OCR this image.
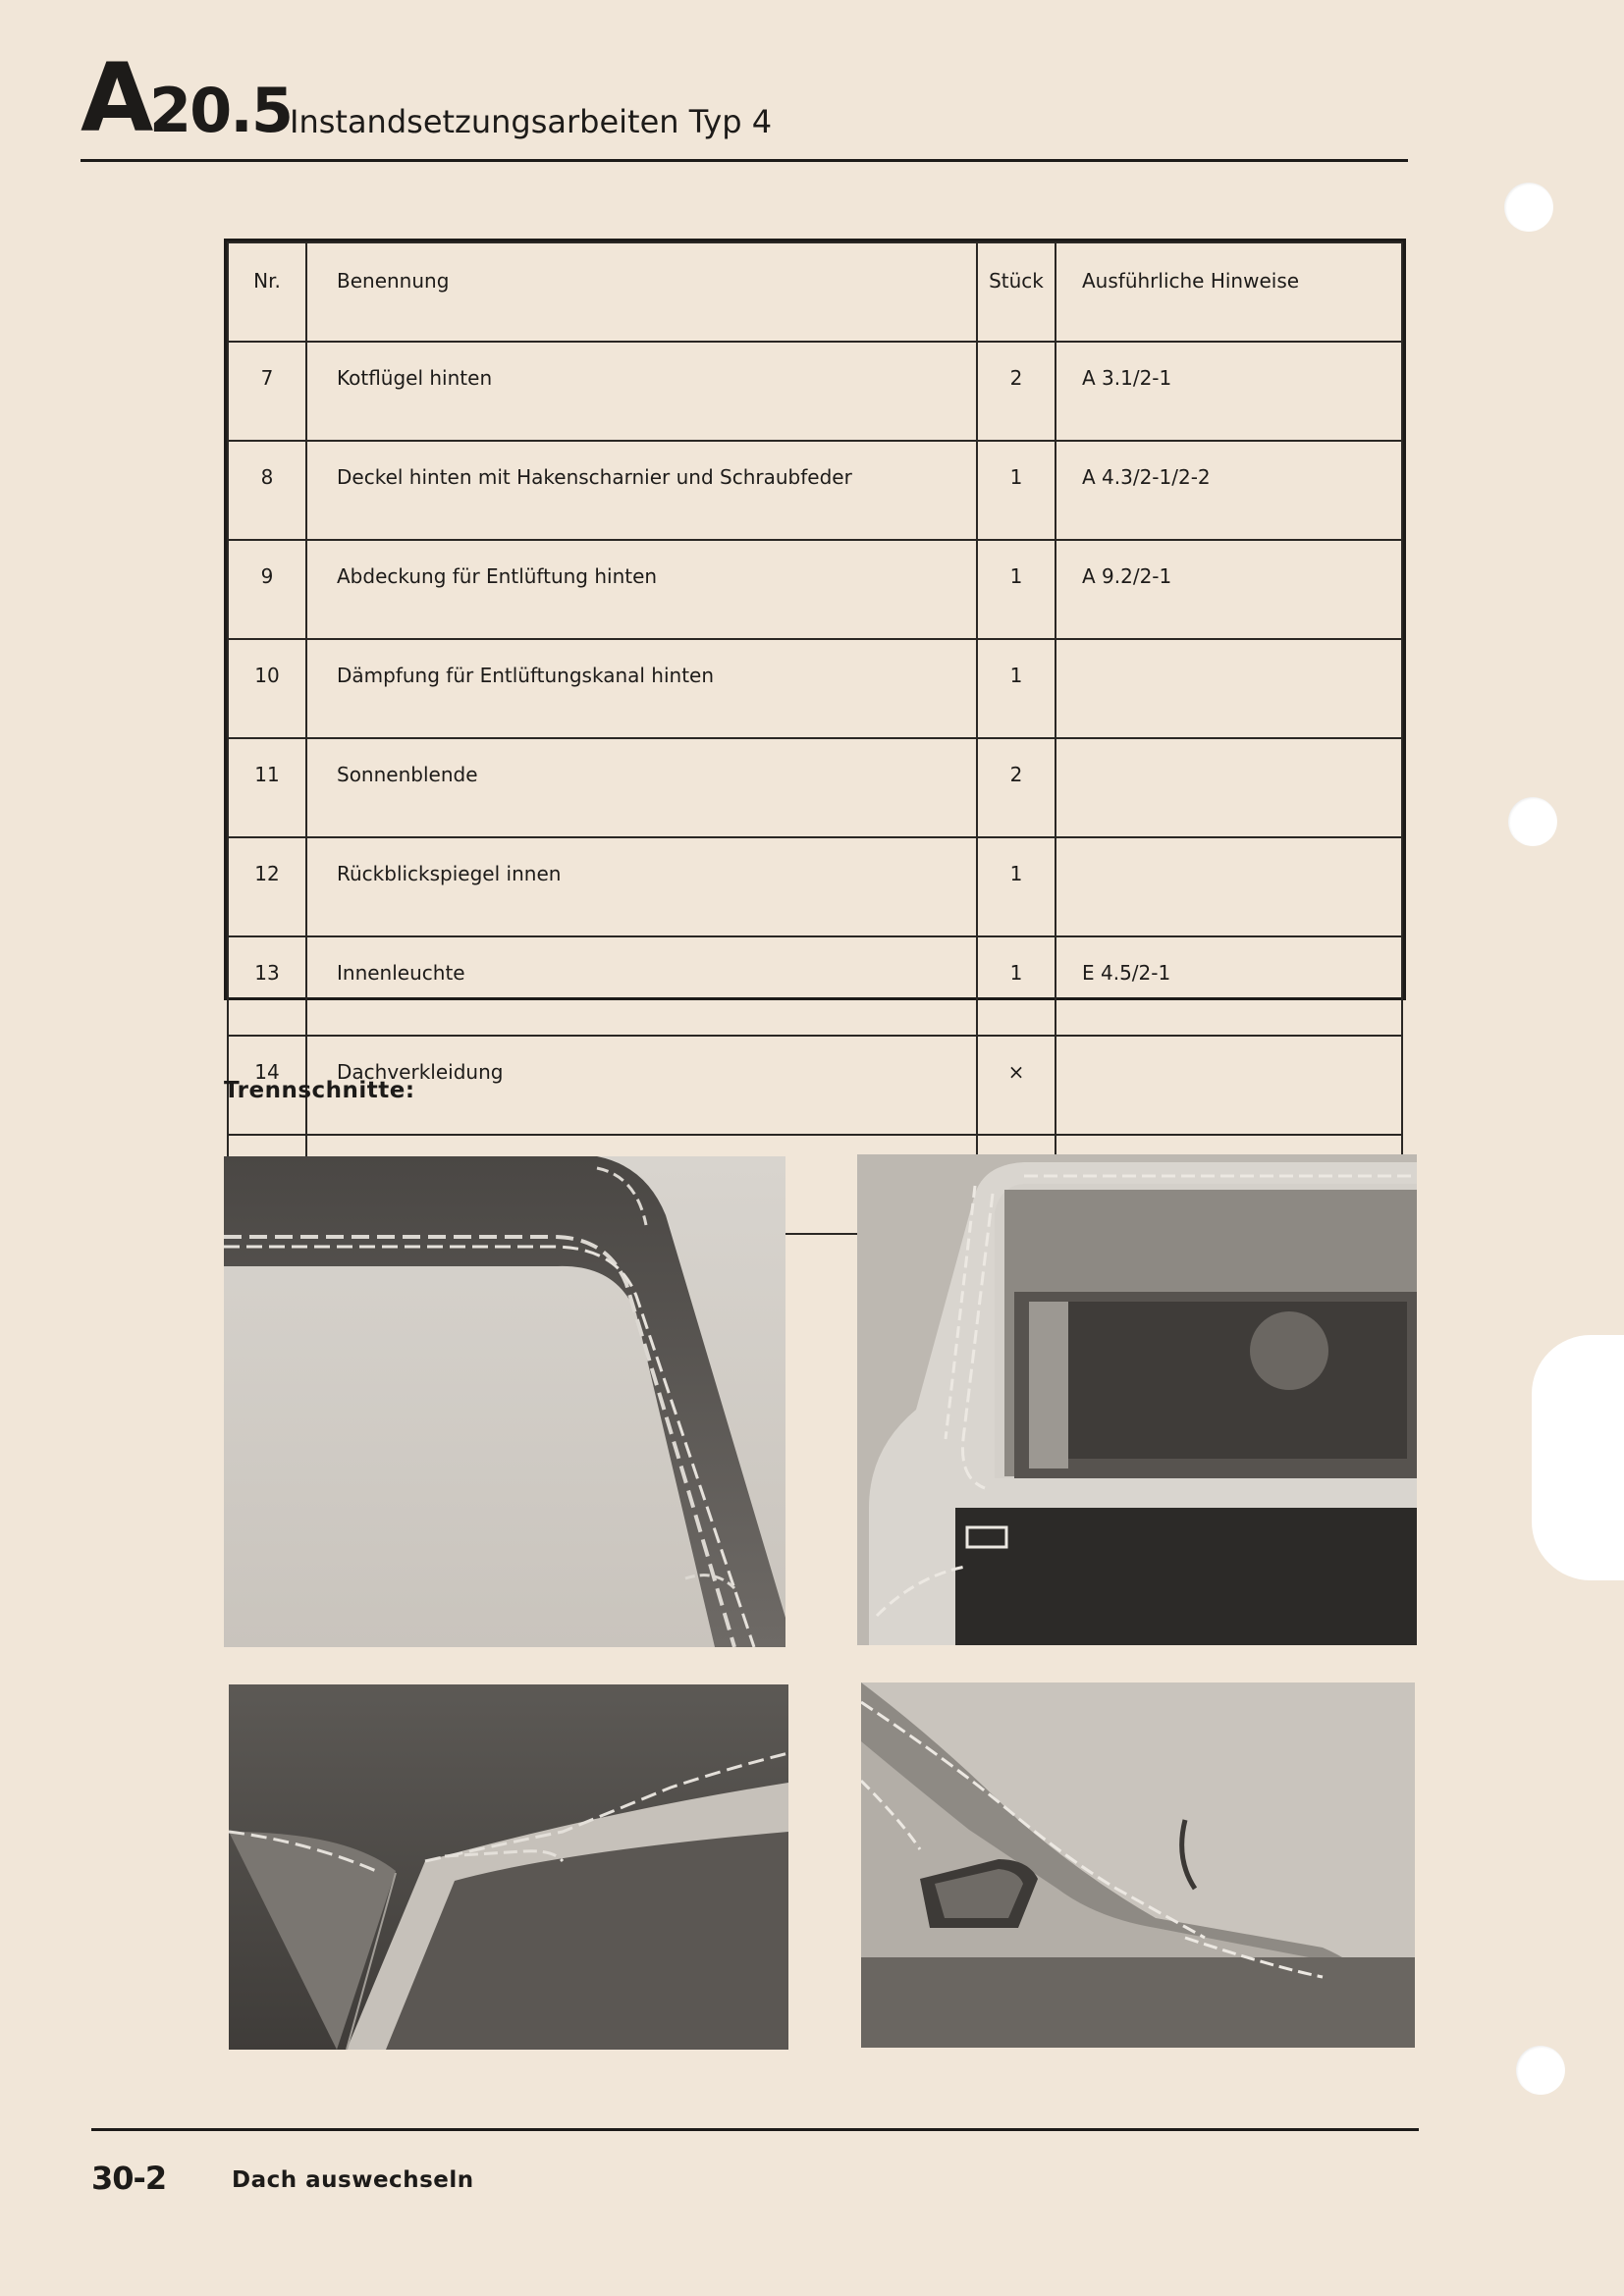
A 20.5
Instandsetzungsarbeiten Typ 4
Nr.	Benennung	Stück	Ausführliche Hinweise
7	Kotflügel hinten	2	A 3.1/2-1
8	Deckel hinten mit Hakenscharnier und Schraubfeder	1	A 4.3/2-1/2-2
9	Abdeckung für Entlüftung hinten	1	A 9.2/2-1
10	Dämpfung für Entlüftungskanal hinten	1	
11	Sonnenblende	2	
12	Rückblickspiegel innen	1	
13	Innenleuchte	1	E 4.5/2-1
14	Dachverkleidung	×	

Trennschnitte:
30-2	Dach auswechseln
